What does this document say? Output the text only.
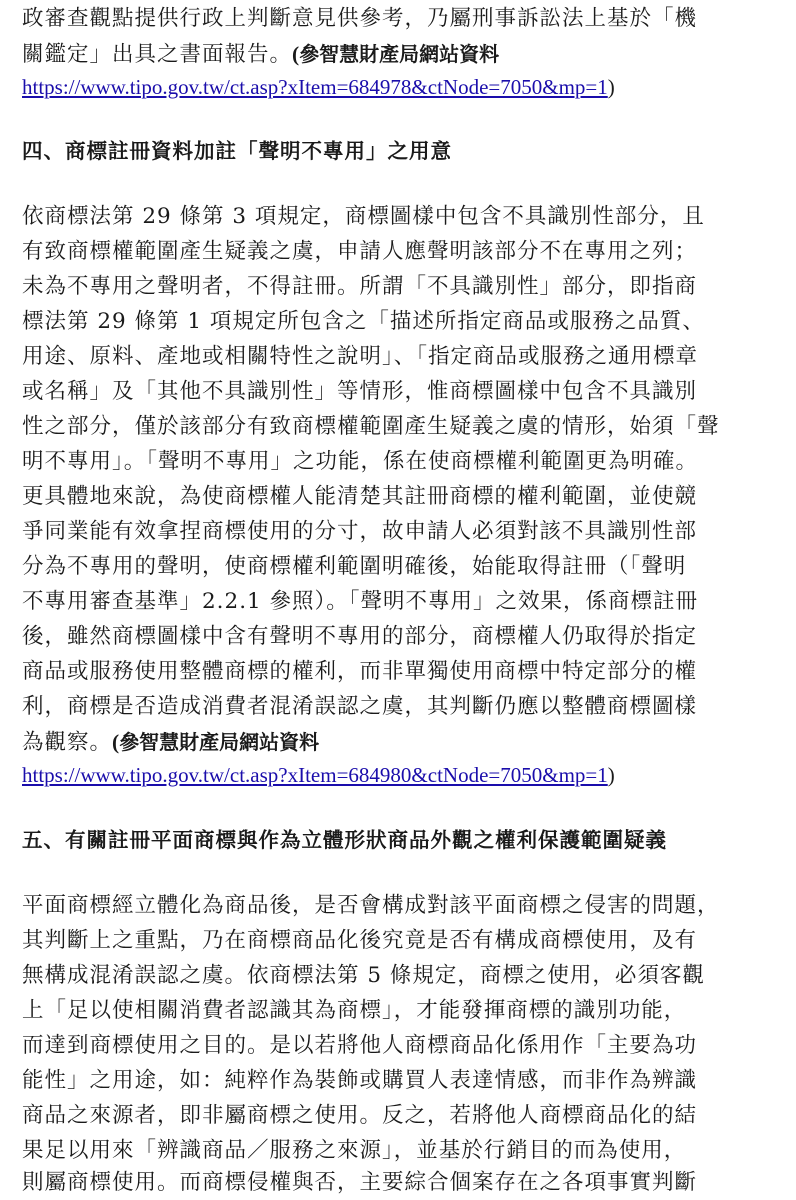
政審查觀點提供行政上判斷意見供參考，乃屬刑事訴訟法上基於「機
關鑑定」出具之書面報告。(參智慧財產局網站資料
https://www.tipo.gov.tw/ct.asp?xItem=684978&ctNode=7050&mp=1)
四、商標註冊資料加註「聲明不專用」之用意
依商標法第 29 條第 3 項規定，商標圖樣中包含不具識別性部分，且
有致商標權範圍產生疑義之虞，申請人應聲明該部分不在專用之列；
未為不專用之聲明者，不得註冊。所謂「不具識別性」部分，即指商
標法第 29 條第 1 項規定所包含之「描述所指定商品或服務之品質、
用途、原料、產地或相關特性之說明」、「指定商品或服務之通用標章
或名稱」及「其他不具識別性」等情形，惟商標圖樣中包含不具識別
性之部分，僅於該部分有致商標權範圍產生疑義之虞的情形，始須「聲
明不專用」。「聲明不專用」之功能，係在使商標權利範圍更為明確。
更具體地來說，為使商標權人能清楚其註冊商標的權利範圍，並使競
爭同業能有效拿捏商標使用的分寸，故申請人必須對該不具識別性部
分為不專用的聲明，使商標權利範圍明確後，始能取得註冊（「聲明
不專用審查基準」2.2.1 參照）。「聲明不專用」之效果，係商標註冊
後，雖然商標圖樣中含有聲明不專用的部分，商標權人仍取得於指定
商品或服務使用整體商標的權利，而非單獨使用商標中特定部分的權
利，商標是否造成消費者混淆誤認之虞，其判斷仍應以整體商標圖樣
為觀察。(參智慧財產局網站資料
https://www.tipo.gov.tw/ct.asp?xItem=684980&ctNode=7050&mp=1)
五、有關註冊平面商標與作為立體形狀商品外觀之權利保護範圍疑義
平面商標經立體化為商品後，是否會構成對該平面商標之侵害的問題，
其判斷上之重點，乃在商標商品化後究竟是否有構成商標使用，及有
無構成混淆誤認之虞。依商標法第 5 條規定，商標之使用，必須客觀
上「足以使相關消費者認識其為商標」，才能發揮商標的識別功能，
而達到商標使用之目的。是以若將他人商標商品化係用作「主要為功
能性」之用途，如：純粹作為裝飾或購買人表達情感，而非作為辨識
商品之來源者，即非屬商標之使用。反之，若將他人商標商品化的結
果足以用來「辨識商品／服務之來源」，並基於行銷目的而為使用，
則屬商標使用。而商標侵權與否，主要綜合個案存在之各項事實判斷
